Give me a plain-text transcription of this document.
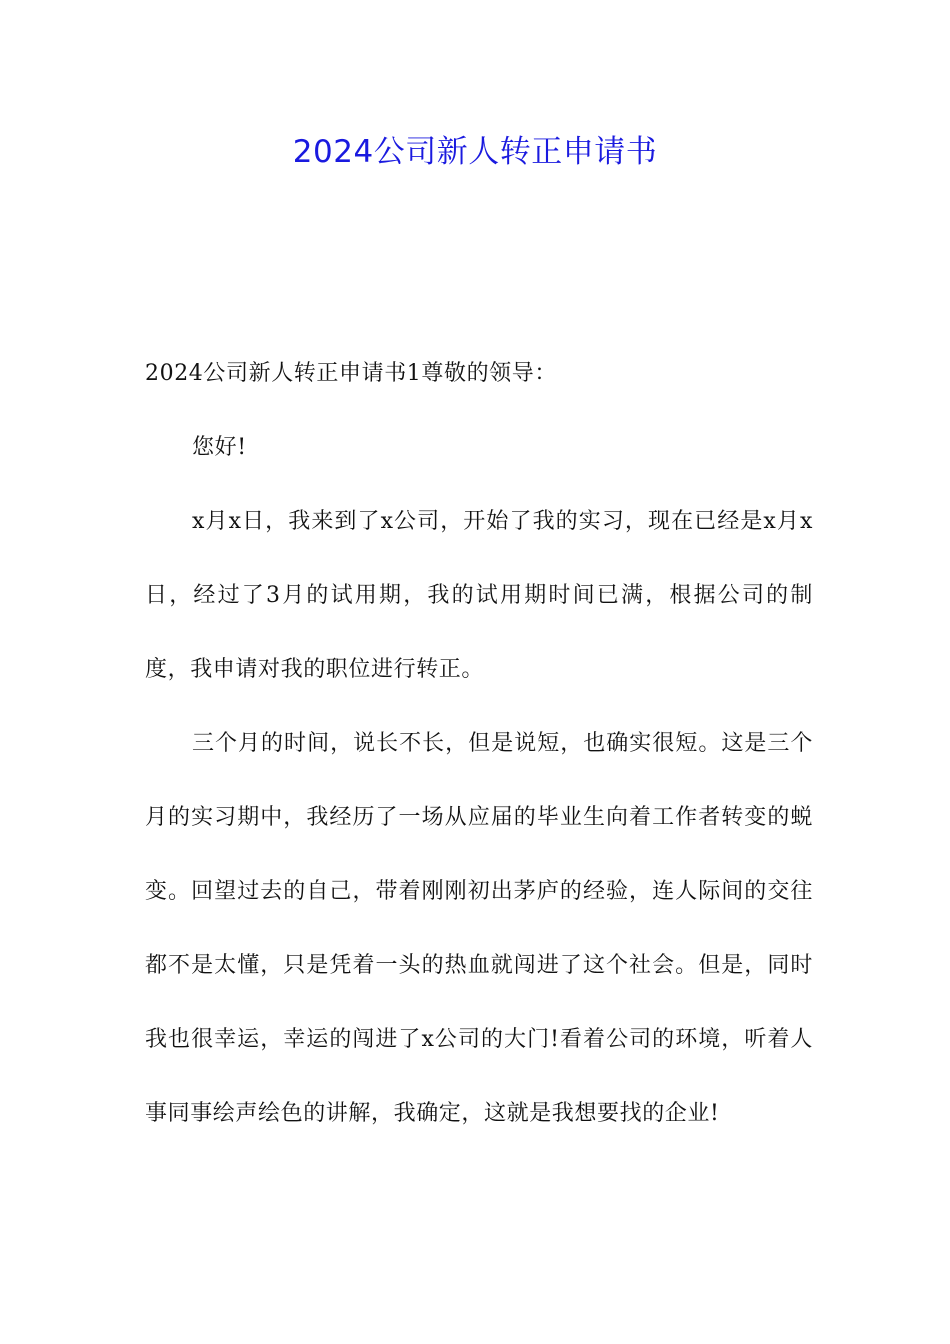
2024公司新人转正申请书

2024公司新人转正申请书1尊敬的领导：

您好!

x月x日，我来到了x公司，开始了我的实习，现在已经是x月x日，经过了3月的试用期，我的试用期时间已满，根据公司的制度，我申请对我的职位进行转正。

三个月的时间，说长不长，但是说短，也确实很短。这是三个月的实习期中，我经历了一场从应届的毕业生向着工作者转变的蜕变。回望过去的自己，带着刚刚初出茅庐的经验，连人际间的交往都不是太懂，只是凭着一头的热血就闯进了这个社会。但是，同时我也很幸运，幸运的闯进了x公司的大门!看着公司的环境，听着人事同事绘声绘色的讲解，我确定，这就是我想要找的企业!
